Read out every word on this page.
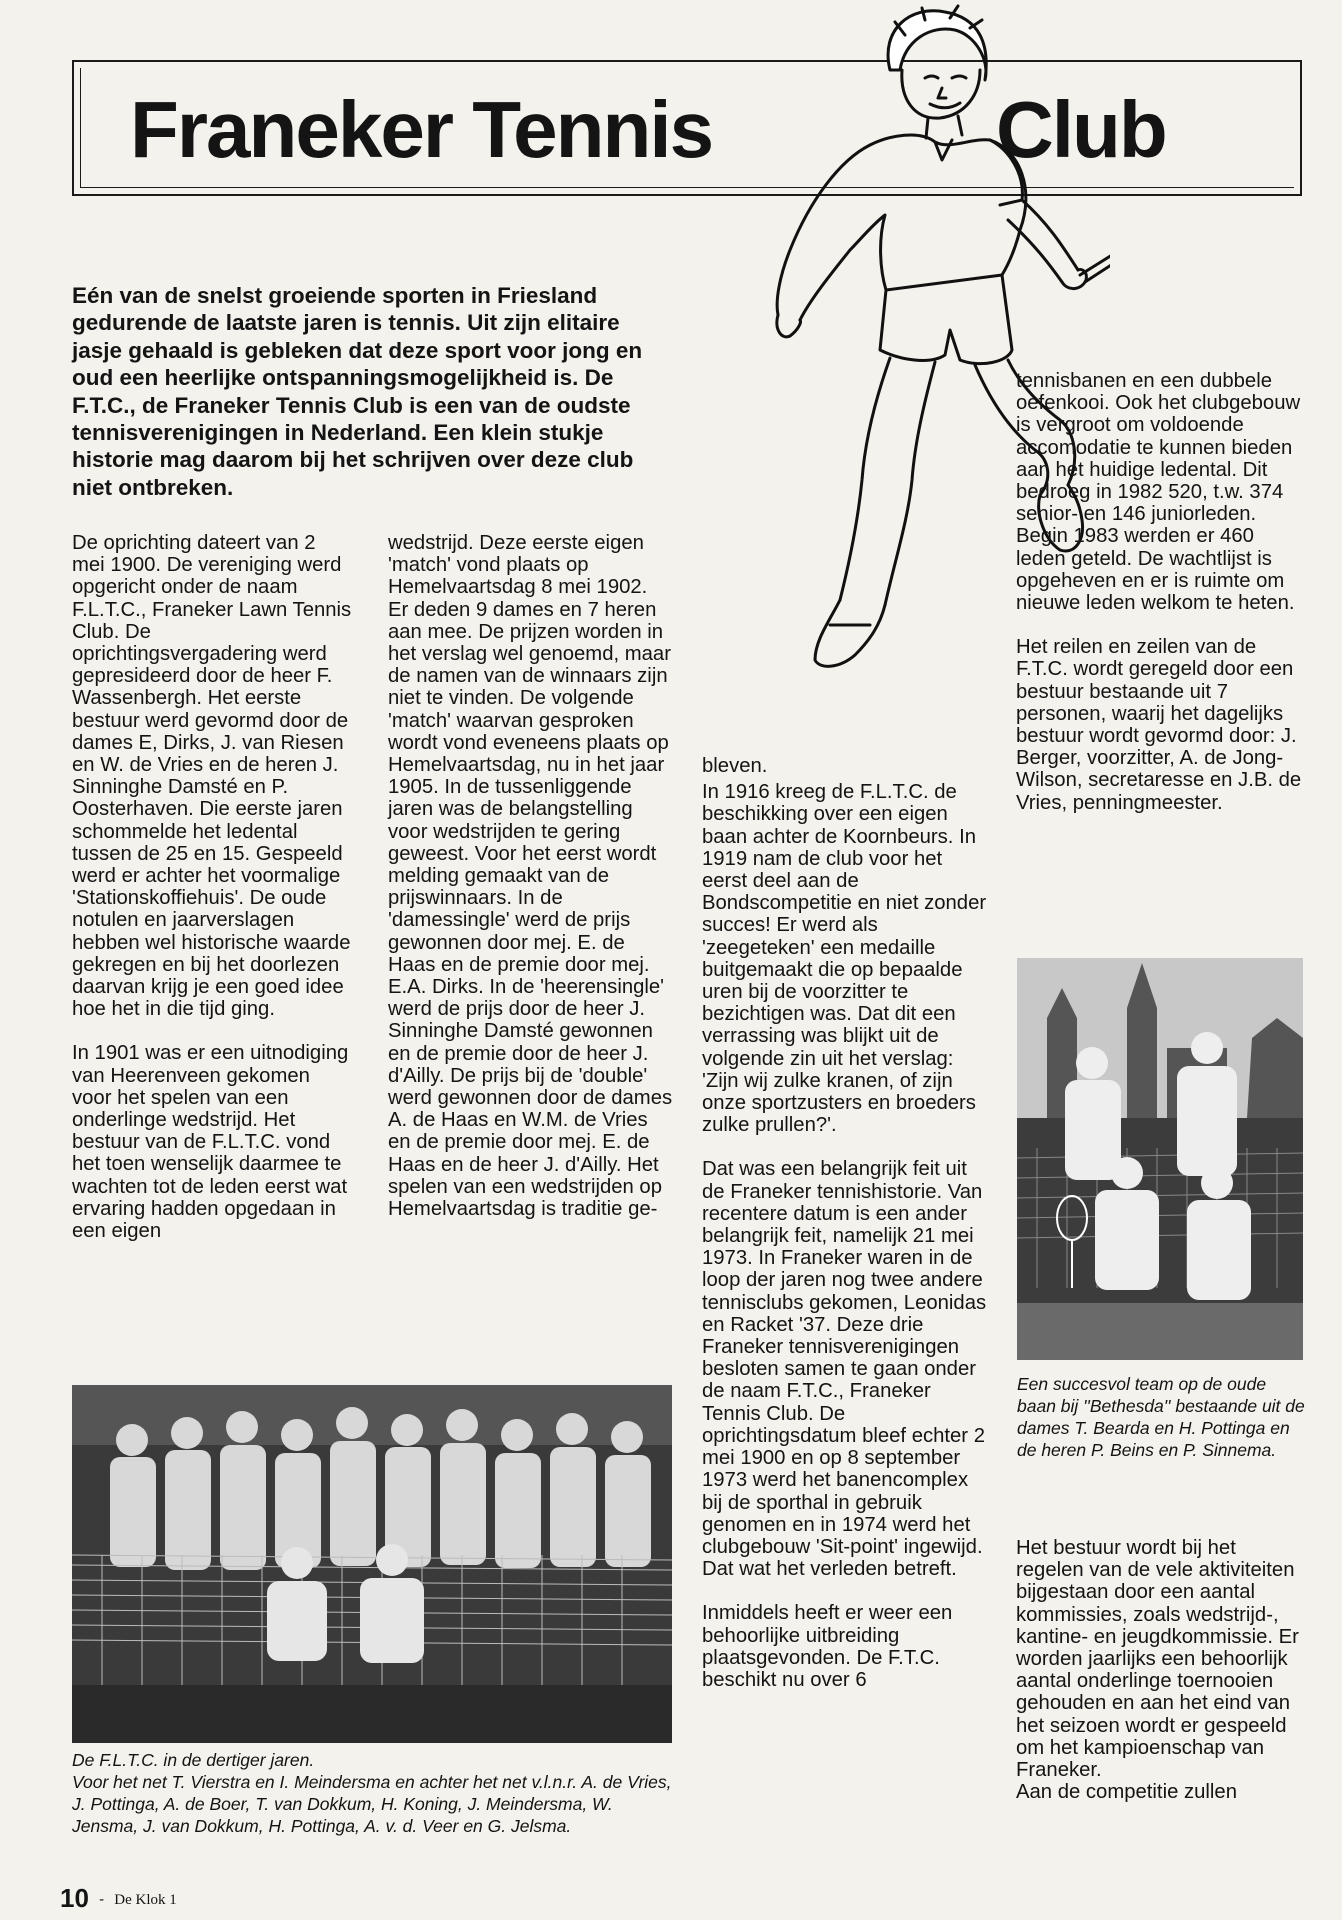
Franeker Tennis	Club

Eén van de snelst groeiende sporten in Friesland gedurende de laatste jaren is tennis. Uit zijn elitaire jasje gehaald is gebleken dat deze sport voor jong en oud een heerlijke ontspanningsmogelijkheid is. De F.T.C., de Franeker Tennis Club is een van de oudste tennisverenigingen in Nederland. Een klein stukje historie mag daarom bij het schrijven over deze club niet ontbreken.

De oprichting dateert van 2 mei 1900. De vereniging werd opgericht onder de naam F.L.T.C., Franeker Lawn Tennis Club. De oprichtingsvergadering werd gepresideerd door de heer F. Wassenbergh. Het eerste bestuur werd gevormd door de dames E, Dirks, J. van Riesen en W. de Vries en de heren J. Sinninghe Damsté en P. Oosterhaven. Die eerste jaren schommelde het ledental tussen de 25 en 15. Gespeeld werd er achter het voormalige 'Stationskoffiehuis'. De oude notulen en jaarverslagen hebben wel historische waarde gekregen en bij het doorlezen daarvan krijg je een goed idee hoe het in die tijd ging.

In 1901 was er een uitnodiging van Heerenveen gekomen voor het spelen van een onderlinge wedstrijd. Het bestuur van de F.L.T.C. vond het toen wenselijk daarmee te wachten tot de leden eerst wat ervaring hadden opgedaan in een eigen

wedstrijd. Deze eerste eigen 'match' vond plaats op Hemelvaartsdag 8 mei 1902. Er deden 9 dames en 7 heren aan mee. De prijzen worden in het verslag wel genoemd, maar de namen van de winnaars zijn niet te vinden. De volgende 'match' waarvan gesproken wordt vond eveneens plaats op Hemelvaartsdag, nu in het jaar 1905. In de tussenliggende jaren was de belangstelling voor wedstrijden te gering geweest. Voor het eerst wordt melding gemaakt van de prijswinnaars. In de 'damessingle' werd de prijs gewonnen door mej. E. de Haas en de premie door mej. E.A. Dirks. In de 'heerensingle' werd de prijs door de heer J. Sinninghe Damsté gewonnen en de premie door de heer J. d'Ailly. De prijs bij de 'double' werd gewonnen door de dames A. de Haas en W.M. de Vries en de premie door mej. E. de Haas en de heer J. d'Ailly. Het spelen van een wedstrijden op Hemelvaartsdag is traditie ge-

bleven.

In 1916 kreeg de F.L.T.C. de beschikking over een eigen baan achter de Koornbeurs. In 1919 nam de club voor het eerst deel aan de Bondscompetitie en niet zonder succes! Er werd als 'zeegeteken' een medaille buitgemaakt die op bepaalde uren bij de voorzitter te bezichtigen was. Dat dit een verrassing was blijkt uit de volgende zin uit het verslag: 'Zijn wij zulke kranen, of zijn onze sportzusters en broeders zulke prullen?'.

Dat was een belangrijk feit uit de Franeker tennishistorie. Van recentere datum is een ander belangrijk feit, namelijk 21 mei 1973. In Franeker waren in de loop der jaren nog twee andere tennisclubs gekomen, Leonidas en Racket '37. Deze drie Franeker tennisverenigingen besloten samen te gaan onder de naam F.T.C., Franeker Tennis Club. De oprichtingsdatum bleef echter 2 mei 1900 en op 8 september 1973 werd het banencomplex bij de sporthal in gebruik genomen en in 1974 werd het clubgebouw 'Sit-point' ingewijd. Dat wat het verleden betreft.

Inmiddels heeft er weer een behoorlijke uitbreiding plaatsgevonden. De F.T.C. beschikt nu over 6

tennisbanen en een dubbele oefenkooi. Ook het clubgebouw is vergroot om voldoende accomodatie te kunnen bieden aan het huidige ledental. Dit bedroeg in 1982 520, t.w. 374 senior- en 146 juniorleden. Begin 1983 werden er 460 leden geteld. De wachtlijst is opgeheven en er is ruimte om nieuwe leden welkom te heten.

Het reilen en zeilen van de F.T.C. wordt geregeld door een bestuur bestaande uit 7 personen, waarij het dagelijks bestuur wordt gevormd door: J. Berger, voorzitter, A. de Jong-Wilson, secretaresse en J.B. de Vries, penningmeester.

De F.L.T.C. in de dertiger jaren.

Voor het net T. Vierstra en I. Meindersma en achter het net v.l.n.r. A. de Vries, J. Pottinga, A. de Boer, T. van Dokkum, H. Koning, J. Meindersma, W. Jensma, J. van Dokkum, H. Pottinga, A. v. d. Veer en G. Jelsma.

Een succesvol team op de oude baan bij ''Bethesda'' bestaande uit de dames T. Bearda en H. Pottinga en de heren P. Beins en P. Sinnema.

Het bestuur wordt bij het regelen van de vele aktiviteiten bijgestaan door een aantal kommissies, zoals wedstrijd-, kantine- en jeugdkommissie. Er worden jaarlijks een behoorlijk aantal onderlinge toernooien gehouden en aan het eind van het seizoen wordt er gespeeld om het kampioenschap van Franeker.

Aan de competitie zullen

10 - De Klok 1
